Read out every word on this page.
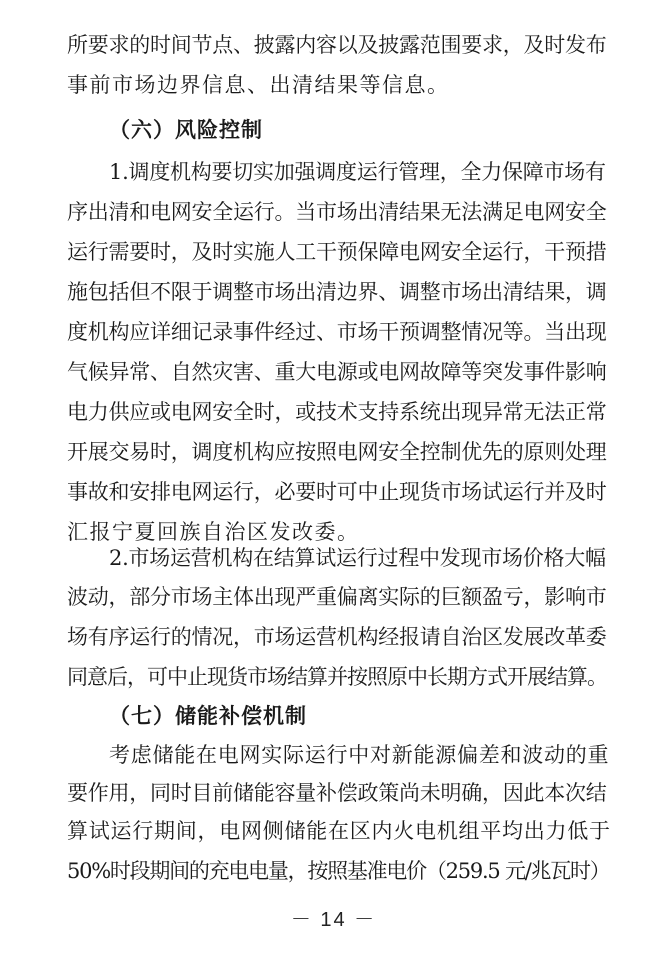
所要求的时间节点、披露内容以及披露范围要求，及时发布
事前市场边界信息、出清结果等信息。
（六）风险控制
1.调度机构要切实加强调度运行管理，全力保障市场有
序出清和电网安全运行。当市场出清结果无法满足电网安全
运行需要时，及时实施人工干预保障电网安全运行，干预措
施包括但不限于调整市场出清边界、调整市场出清结果，调
度机构应详细记录事件经过、市场干预调整情况等。当出现
气候异常、自然灾害、重大电源或电网故障等突发事件影响
电力供应或电网安全时，或技术支持系统出现异常无法正常
开展交易时，调度机构应按照电网安全控制优先的原则处理
事故和安排电网运行，必要时可中止现货市场试运行并及时
汇报宁夏回族自治区发改委。
2.市场运营机构在结算试运行过程中发现市场价格大幅
波动，部分市场主体出现严重偏离实际的巨额盈亏，影响市
场有序运行的情况，市场运营机构经报请自治区发展改革委
同意后，可中止现货市场结算并按照原中长期方式开展结算。
（七）储能补偿机制
考虑储能在电网实际运行中对新能源偏差和波动的重
要作用，同时目前储能容量补偿政策尚未明确，因此本次结
算试运行期间，电网侧储能在区内火电机组平均出力低于
50%时段期间的充电电量，按照基准电价（259.5 元/兆瓦时）
－ 14 －
